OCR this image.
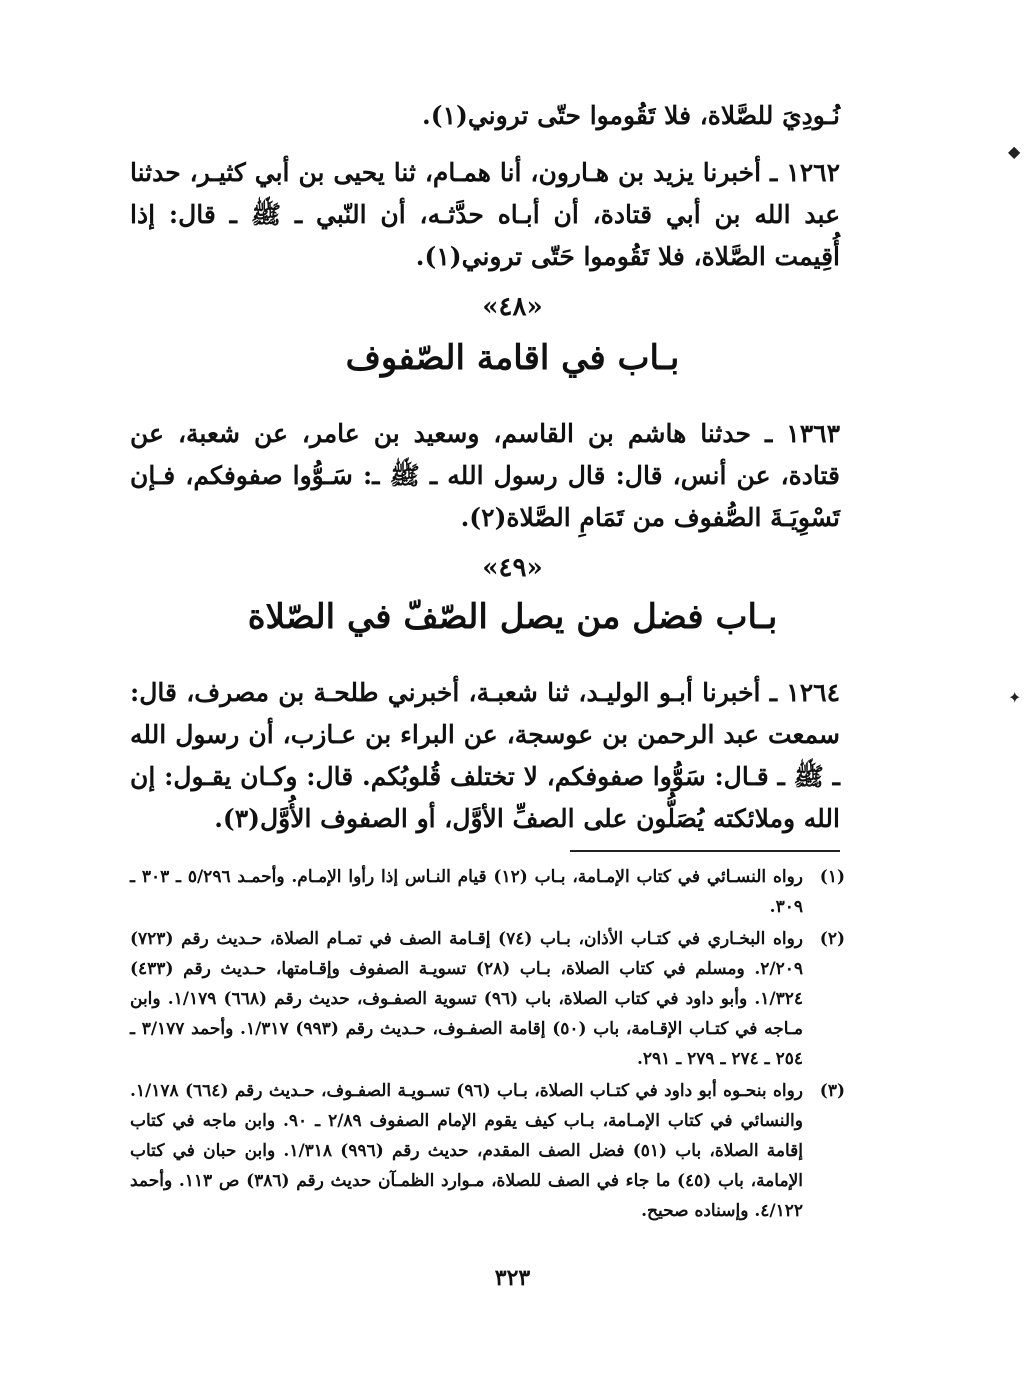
نُـودِيَ للصَّلاة، فلا تَقُوموا حتّى تروني(١).

١٢٦٢ ـ أخبرنا يزيد بن هـارون، أنا همـام، ثنا يحيى بن أبي كثيـر، حدثنا عبد الله بن أبي قتادة، أن أبـاه حدَّثـه، أن النّبي ـ ﷺ ـ قال: إذا أُقِيمت الصَّلاة، فلا تَقُوموا حَتّى تروني(١).

«٤٨»
بـاب في اقامة الصّفوف

١٣٦٣ ـ حدثنا هاشم بن القاسم، وسعيد بن عامر، عن شعبة، عن قتادة، عن أنس، قال: قال رسول الله ـ ﷺ ـ: سَـوُّوا صفوفكم، فـإن تَسْوِيَـةَ الصُّفوف من تَمَامِ الصَّلاة(٢).

«٤٩»
بـاب فضل من يصل الصّفّ في الصّلاة

١٢٦٤ ـ أخبرنا أبـو الوليـد، ثنا شعبـة، أخبرني طلحـة بن مصرف، قال: سمعت عبد الرحمن بن عوسجة، عن البراء بن عـازب، أن رسول الله ـ ﷺ ـ قـال: سَوُّوا صفوفكم، لا تختلف قُلوبُكم. قال: وكـان يقـول: إن الله وملائكته يُصَلُّون على الصفِّ الأوَّل، أو الصفوف الأُوَّل(٣).

(١)
رواه النسـائي في كتاب الإمـامة، بـاب (١٢) قيام النـاس إذا رأوا الإمـام. وأحمـد ٥/٢٩٦ ـ ٣٠٣ ـ ٣٠٩.
(٢)
رواه البخـاري في كتـاب الأذان، بـاب (٧٤) إقـامة الصف في تمـام الصلاة، حـديث رقم (٧٢٣) ٢/٢٠٩. ومسلم في كتاب الصلاة، بـاب (٢٨) تسويـة الصفوف وإقـامتها، حـديث رقم (٤٣٣) ١/٣٢٤. وأبو داود في كتاب الصلاة، باب (٩٦) تسوية الصفـوف، حديث رقم (٦٦٨) ١/١٧٩. وابن مـاجه في كتـاب الإقـامة، باب (٥٠) إقامة الصفـوف، حـديث رقم (٩٩٣) ١/٣١٧. وأحمد ٣/١٧٧ ـ ٢٥٤ ـ ٢٧٤ ـ ٢٧٩ ـ ٢٩١.
(٣)
رواه بنحـوه أبو داود في كتـاب الصلاة، بـاب (٩٦) تسـويـة الصفـوف، حـديث رقم (٦٦٤) ١/١٧٨. والنسائي في كتاب الإمـامة، بـاب كيف يقوم الإمام الصفوف ٢/٨٩ ـ ٩٠. وابن ماجه في كتاب إقامة الصلاة، باب (٥١) فضل الصف المقدم، حديث رقم (٩٩٦) ١/٣١٨. وابن حبان في كتاب الإمامة، باب (٤٥) ما جاء في الصف للصلاة، مـوارد الظمـآن حديث رقم (٣٨٦) ص ١١٣. وأحمد ٤/١٢٢. وإسناده صحيح.
٣٢٣
◆
✦
